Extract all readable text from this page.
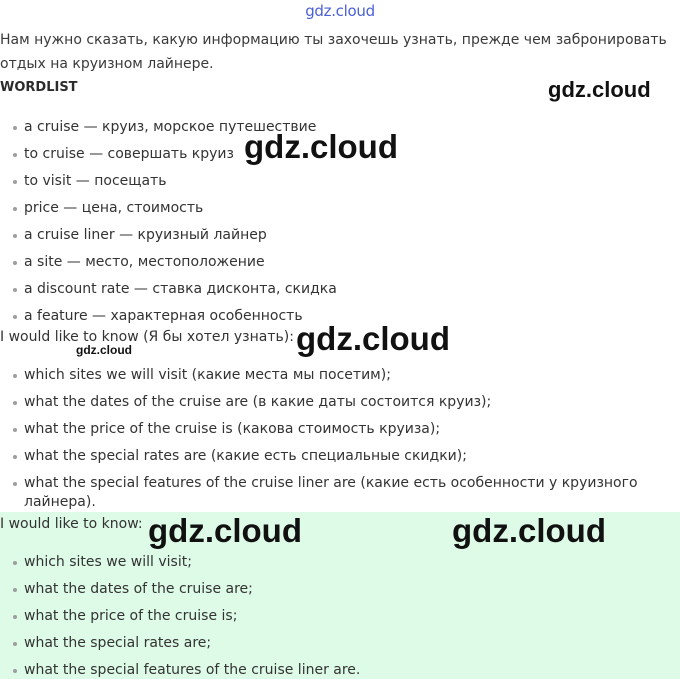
gdz.cloud
Нам нужно сказать, какую информацию ты захочешь узнать, прежде чем забронировать отдых на круизном лайнере.
WORDLIST
a cruise — круиз, морское путешествие
to cruise — совершать круиз
to visit — посещать
price — цена, стоимость
a cruise liner — круизный лайнер
a site — место, местоположение
a discount rate — ставка дисконта, скидка
a feature — характерная особенность
I would like to know (Я бы хотел узнать):
which sites we will visit (какие места мы посетим);
what the dates of the cruise are (в какие даты состоится круиз);
what the price of the cruise is (какова стоимость круиза);
what the special rates are (какие есть специальные скидки);
what the special features of the cruise liner are (какие есть особенности у круизного лайнера).
I would like to know:
which sites we will visit;
what the dates of the cruise are;
what the price of the cruise is;
what the special rates are;
what the special features of the cruise liner are.
gdz.cloud
gdz.cloud
gdz.cloud
gdz.cloud
gdz.cloud	gdz.cloud
